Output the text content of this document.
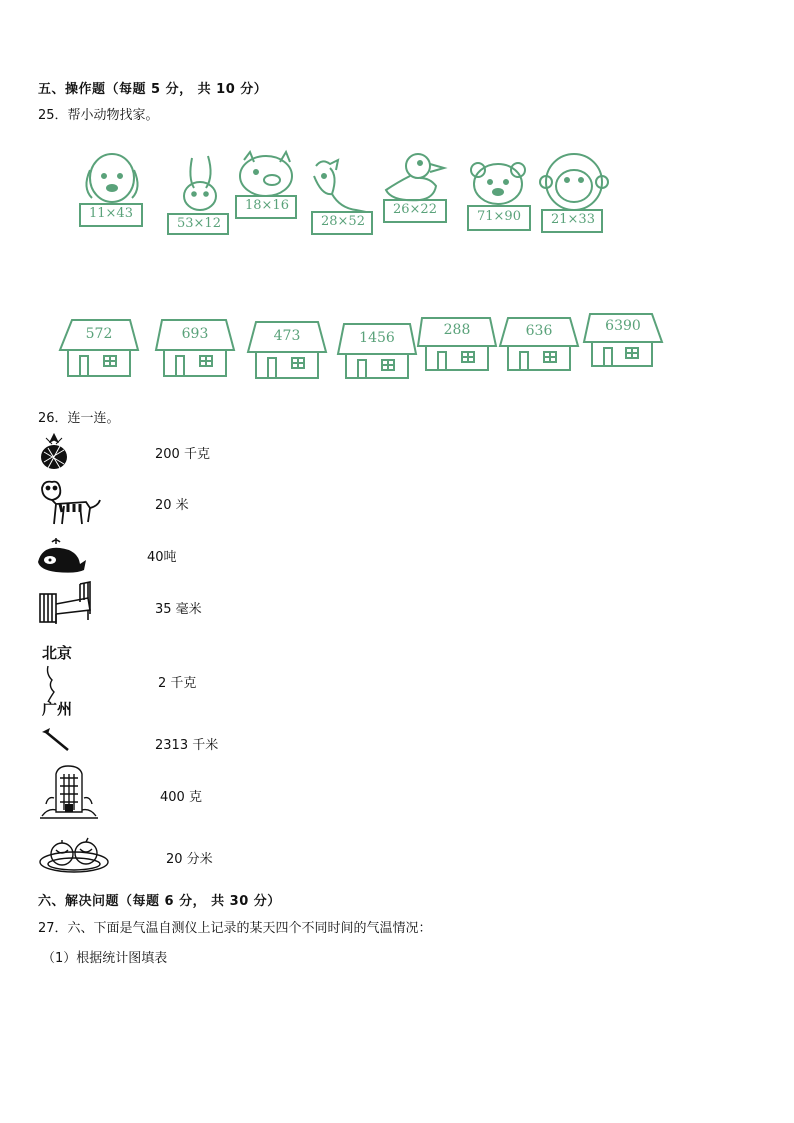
五、操作题（每题 5 分， 共 10 分）
25．帮小动物找家。
11×43
53×12
18×16
28×52
26×22	71×90	21×33
572	693	473	1456	288	636	6390
26．连一连。
200 千克
20 米
40吨
35 毫米
北京
广州
2 千克
2313 千米
400 克
20 分米
六、解决问题（每题 6 分， 共 30 分）
27．六、下面是气温自测仪上记录的某天四个不同时间的气温情况：
（1）根据统计图填表
